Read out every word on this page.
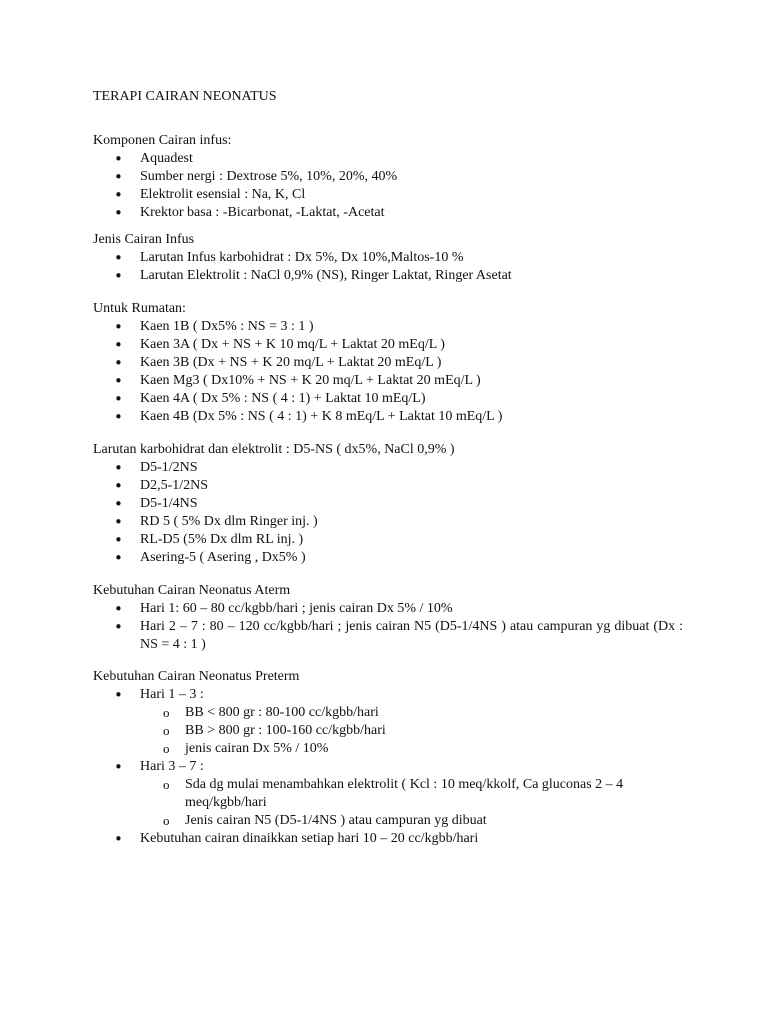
TERAPI CAIRAN NEONATUS
Komponen Cairan infus:
• Aquadest
• Sumber nergi : Dextrose 5%, 10%, 20%, 40%
• Elektrolit esensial : Na, K, Cl
• Krektor basa : -Bicarbonat, -Laktat, -Acetat
Jenis Cairan Infus
• Larutan Infus karbohidrat : Dx 5%, Dx 10%,Maltos-10 %
• Larutan Elektrolit : NaCl 0,9% (NS), Ringer Laktat, Ringer Asetat
Untuk Rumatan:
• Kaen 1B ( Dx5% : NS = 3 : 1 )
• Kaen 3A ( Dx + NS + K 10 mq/L + Laktat 20 mEq/L )
• Kaen 3B (Dx + NS + K 20 mq/L + Laktat 20 mEq/L )
• Kaen Mg3 ( Dx10% + NS + K 20 mq/L + Laktat 20 mEq/L )
• Kaen 4A ( Dx 5% : NS ( 4 : 1) + Laktat 10 mEq/L)
• Kaen 4B (Dx 5% : NS ( 4 : 1) + K 8 mEq/L + Laktat 10 mEq/L )
Larutan karbohidrat dan elektrolit : D5-NS ( dx5%, NaCl 0,9% )
• D5-1/2NS
• D2,5-1/2NS
• D5-1/4NS
• RD 5 ( 5% Dx dlm Ringer inj. )
• RL-D5 (5% Dx dlm RL inj. )
• Asering-5 ( Asering , Dx5% )
Kebutuhan Cairan Neonatus Aterm
• Hari 1: 60 – 80 cc/kgbb/hari ; jenis cairan Dx 5% / 10%
• Hari 2 – 7 : 80 – 120 cc/kgbb/hari ; jenis cairan N5 (D5-1/4NS ) atau campuran yg dibuat (Dx : NS = 4 : 1 )
Kebutuhan Cairan Neonatus Preterm
• Hari 1 – 3 :
o BB < 800 gr : 80-100 cc/kgbb/hari
o BB > 800 gr : 100-160 cc/kgbb/hari
o jenis cairan Dx 5% / 10%
• Hari 3 – 7 :
o Sda dg mulai menambahkan elektrolit ( Kcl : 10 meq/kkolf, Ca gluconas 2 – 4 meq/kgbb/hari
o Jenis cairan N5 (D5-1/4NS ) atau campuran yg dibuat
• Kebutuhan cairan dinaikkan setiap hari 10 – 20 cc/kgbb/hari
